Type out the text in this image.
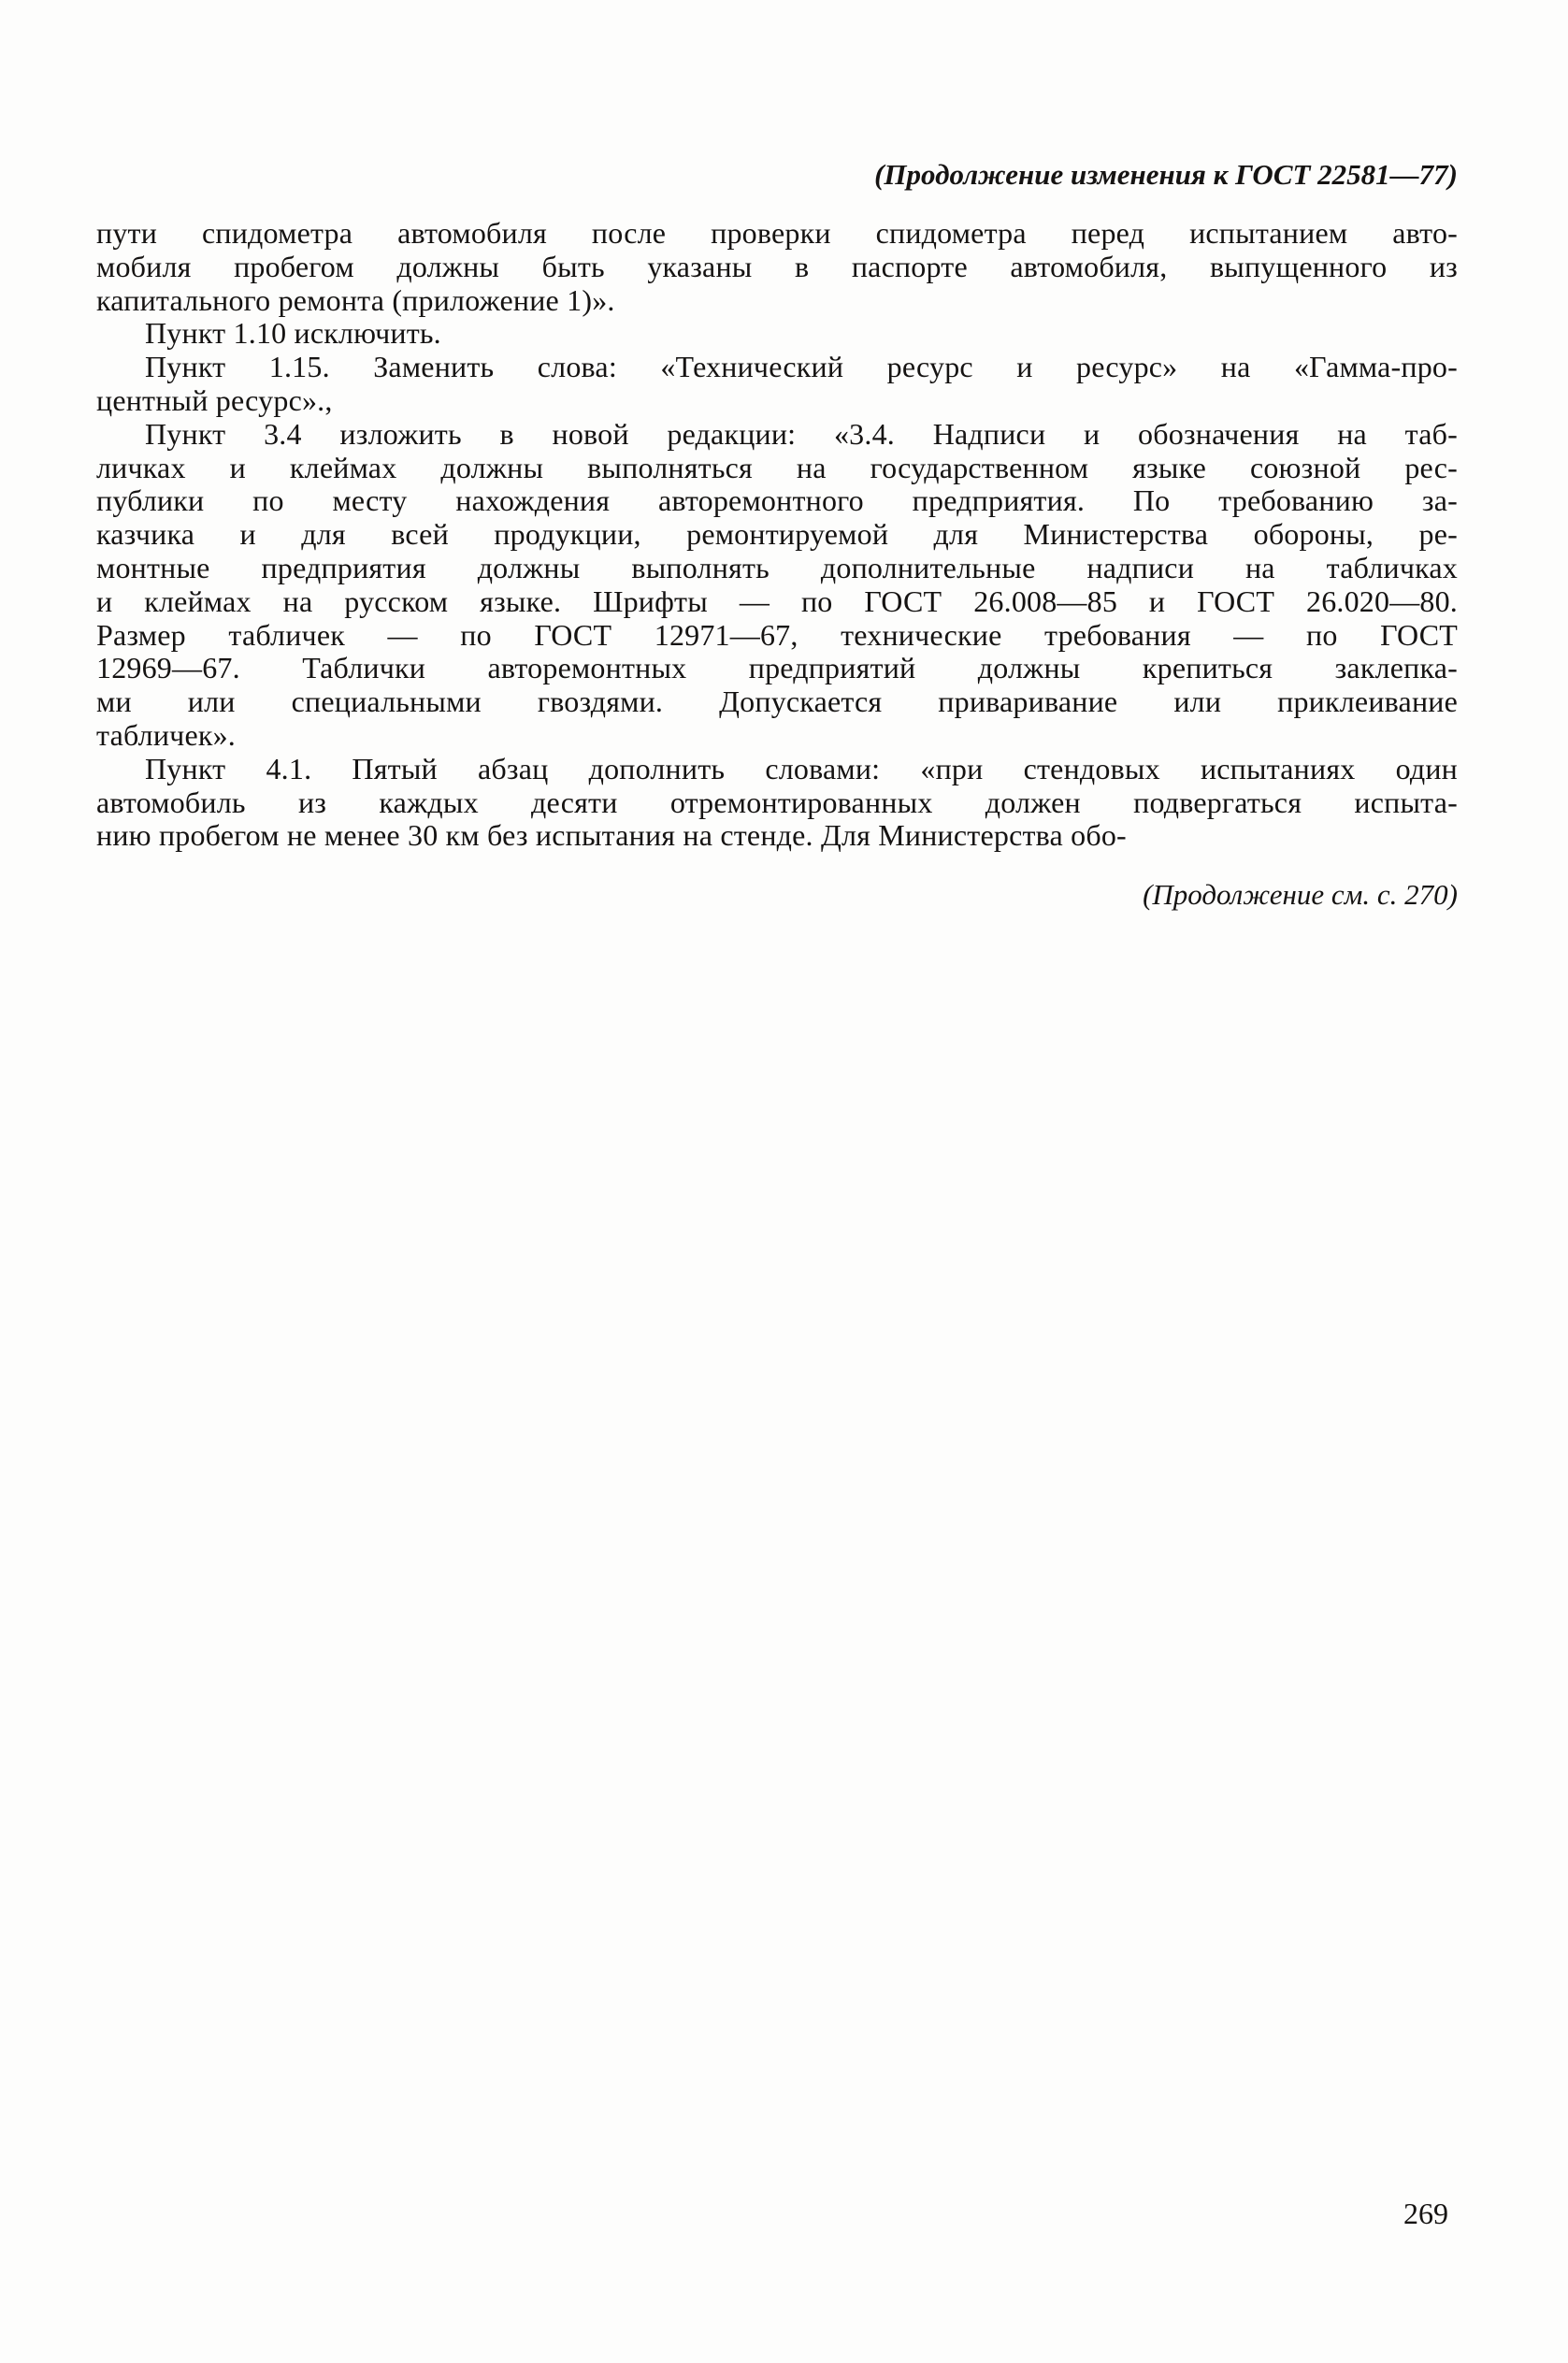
(Продолжение изменения к ГОСТ 22581—77)
пути спидометра автомобиля после проверки спидометра перед испытанием авто-
мобиля пробегом должны быть указаны в паспорте автомобиля, выпущенного из
капитального ремонта (приложение 1)».
Пункт 1.10 исключить.
Пункт 1.15. Заменить слова: «Технический ресурс и ресурс» на «Гамма-про-
центный ресурс».,
Пункт 3.4 изложить в новой редакции: «3.4. Надписи и обозначения на таб-
личках и клеймах должны выполняться на государственном языке союзной рес-
публики по месту нахождения авторемонтного предприятия. По требованию за-
казчика и для всей продукции, ремонтируемой для Министерства обороны, ре-
монтные предприятия должны выполнять дополнительные надписи на табличках
и клеймах на русском языке. Шрифты — по ГОСТ 26.008—85 и ГОСТ 26.020—80.
Размер табличек — по ГОСТ 12971—67, технические требования — по ГОСТ
12969—67. Таблички авторемонтных предприятий должны крепиться заклепка-
ми или специальными гвоздями. Допускается приваривание или приклеивание
табличек».
Пункт 4.1. Пятый абзац дополнить словами: «при стендовых испытаниях один
автомобиль из каждых десяти отремонтированных должен подвергаться испыта-
нию пробегом не менее 30 км без испытания на стенде. Для Министерства обо-
(Продолжение см. с. 270)
269
